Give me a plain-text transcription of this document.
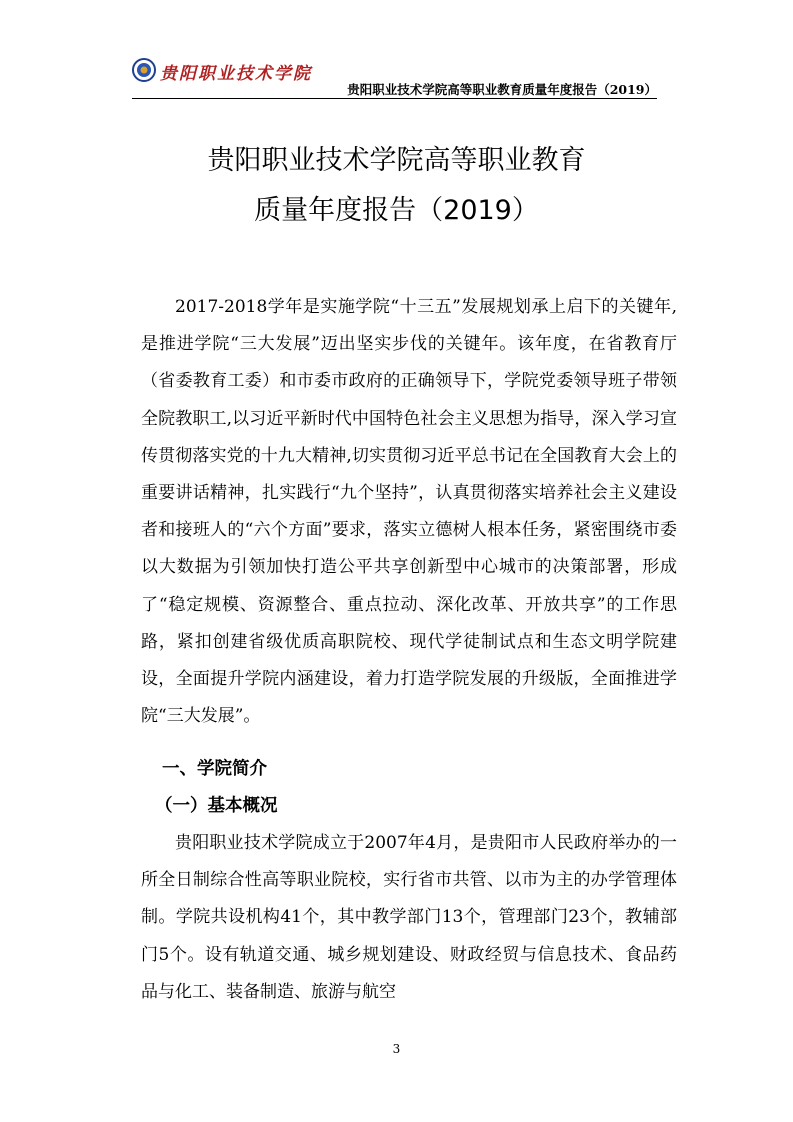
贵阳职业技术学院
贵阳职业技术学院高等职业教育质量年度报告（2019）
贵阳职业技术学院高等职业教育
质量年度报告（2019）

2017-2018学年是实施学院“十三五”发展规划承上启下的关键年,是推进学院“三大发展”迈出坚实步伐的关键年。该年度，在省教育厅（省委教育工委）和市委市政府的正确领导下，学院党委领导班子带领全院教职工,以习近平新时代中国特色社会主义思想为指导，深入学习宣传贯彻落实党的十九大精神,切实贯彻习近平总书记在全国教育大会上的重要讲话精神，扎实践行“九个坚持”，认真贯彻落实培养社会主义建设者和接班人的“六个方面”要求，落实立德树人根本任务，紧密围绕市委以大数据为引领加快打造公平共享创新型中心城市的决策部署，形成了“稳定规模、资源整合、重点拉动、深化改革、开放共享”的工作思路，紧扣创建省级优质高职院校、现代学徒制试点和生态文明学院建设，全面提升学院内涵建设，着力打造学院发展的升级版，全面推进学院“三大发展”。

一、学院简介
（一）基本概况

贵阳职业技术学院成立于2007年4月，是贵阳市人民政府举办的一所全日制综合性高等职业院校，实行省市共管、以市为主的办学管理体制。学院共设机构41个，其中教学部门13个，管理部门23个，教辅部门5个。设有轨道交通、城乡规划建设、财政经贸与信息技术、食品药品与化工、装备制造、旅游与航空

3
